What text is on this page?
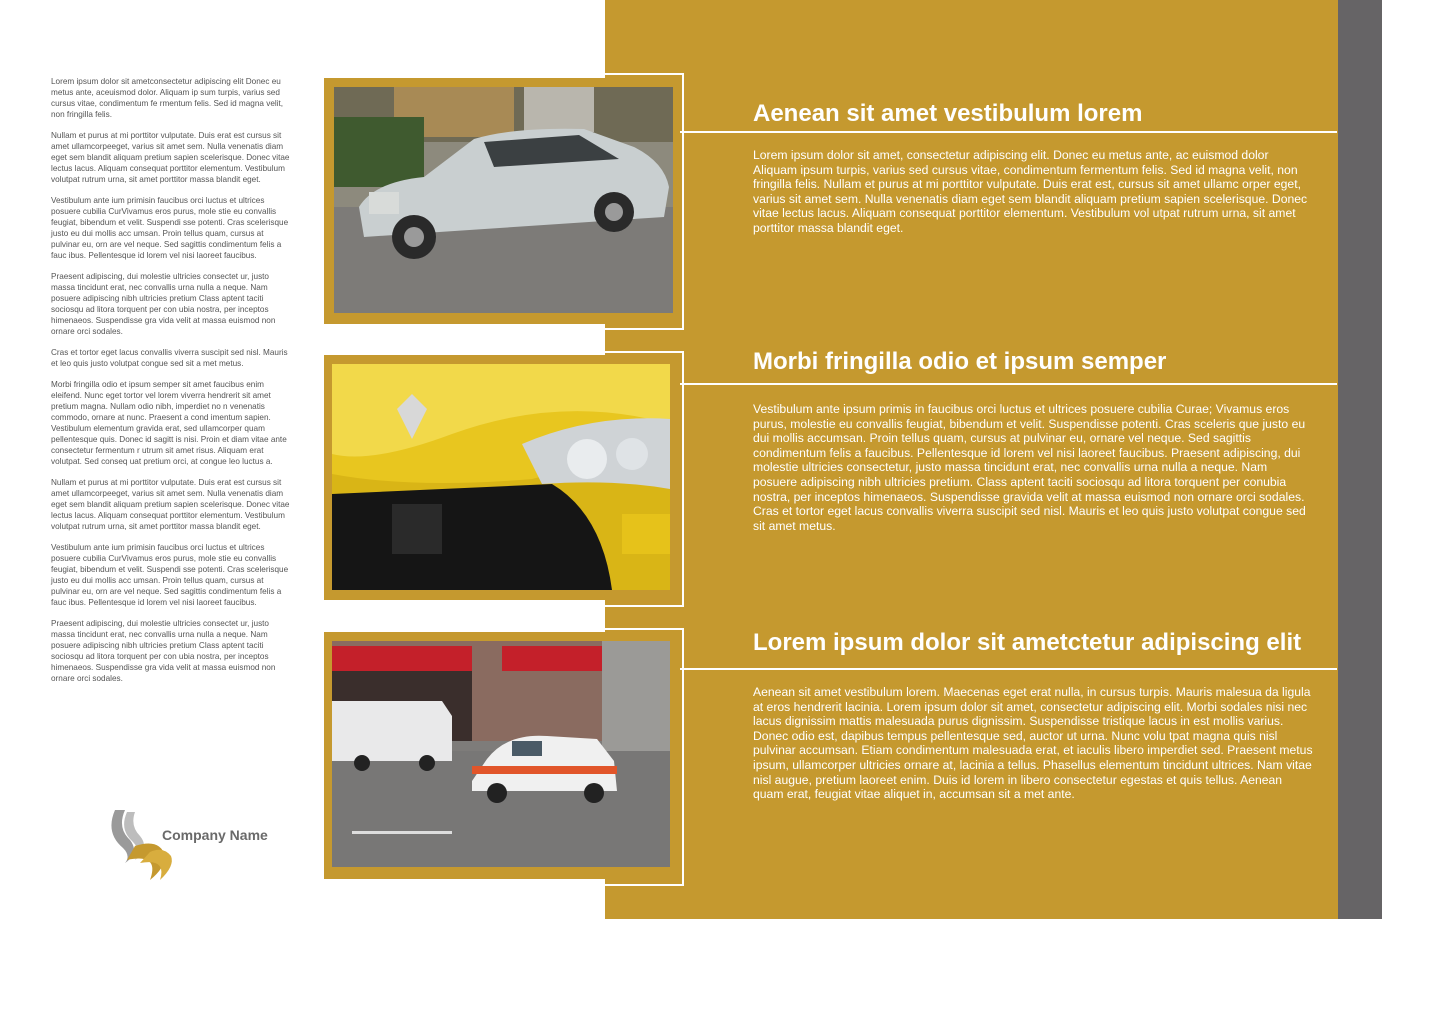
Lorem ipsum dolor sit ametconsectetur adipiscing elit Donec eu metus ante, aceuismod dolor. Aliquam ip sum turpis, varius sed cursus vitae, condimentum fe rmentum felis. Sed id magna velit, non fringilla felis.

Nullam et purus at mi porttitor vulputate. Duis erat est cursus sit amet ullamcorpeeget, varius sit amet sem. Nulla venenatis diam eget sem blandit aliquam pretium sapien scelerisque. Donec vitae lectus lacus. Aliquam consequat porttitor elementum. Vestibulum volutpat rutrum urna, sit amet porttitor massa blandit eget.

Vestibulum ante ium primisin faucibus orci luctus et ultrices posuere cubilia CurVivamus eros purus, mole stie eu convallis feugiat, bibendum et velit. Suspendi sse potenti. Cras scelerisque justo eu dui mollis acc umsan. Proin tellus quam, cursus at pulvinar eu, orn are vel neque. Sed sagittis condimentum felis a fauc ibus. Pellentesque id lorem vel nisi laoreet faucibus.

Praesent adipiscing, dui molestie ultricies consectet ur, justo massa tincidunt erat, nec convallis urna nulla a neque. Nam posuere adipiscing nibh ultricies pretium Class aptent taciti sociosqu ad litora torquent per con ubia nostra, per inceptos himenaeos. Suspendisse gra vida velit at massa euismod non ornare orci sodales.

Cras et tortor eget lacus convallis viverra suscipit sed nisl. Mauris et leo quis justo volutpat congue sed sit a met metus.

Morbi fringilla odio et ipsum semper sit amet faucibus enim eleifend. Nunc eget tortor vel lorem viverra hendrerit sit amet pretium magna. Nullam odio nibh, imperdiet no n venenatis commodo, ornare at nunc. Praesent a cond imentum sapien. Vestibulum elementum gravida erat, sed ullamcorper quam pellentesque quis. Donec id sagitt is nisi. Proin et diam vitae ante consectetur fermentum r utrum sit amet risus. Aliquam erat volutpat. Sed conseq uat pretium orci, at congue leo luctus a.

Nullam et purus at mi porttitor vulputate. Duis erat est cursus sit amet ullamcorpeeget, varius sit amet sem. Nulla venenatis diam eget sem blandit aliquam pretium sapien scelerisque. Donec vitae lectus lacus. Aliquam consequat porttitor elementum. Vestibulum volutpat rutrum urna, sit amet porttitor massa blandit eget.

Vestibulum ante ium primisin faucibus orci luctus et ultrices posuere cubilia CurVivamus eros purus, mole stie eu convallis feugiat, bibendum et velit. Suspendi sse potenti. Cras scelerisque justo eu dui mollis acc umsan. Proin tellus quam, cursus at pulvinar eu, orn are vel neque. Sed sagittis condimentum felis a fauc ibus. Pellentesque id lorem vel nisi laoreet faucibus.

Praesent adipiscing, dui molestie ultricies consectet ur, justo massa tincidunt erat, nec convallis urna nulla a neque. Nam posuere adipiscing nibh ultricies pretium Class aptent taciti sociosqu ad litora torquent per con ubia nostra, per inceptos himenaeos. Suspendisse gra vida velit at massa euismod non ornare orci sodales.

Aenean sit amet vestibulum lorem

Lorem ipsum dolor sit amet, consectetur adipiscing elit. Donec eu metus ante, ac euismod dolor Aliquam ipsum turpis, varius sed cursus vitae, condimentum fermentum felis. Sed id magna velit, non fringilla felis. Nullam et purus at mi porttitor vulputate. Duis erat est, cursus sit amet ullamc orper eget, varius sit amet sem. Nulla venenatis diam eget sem blandit aliquam pretium sapien scelerisque. Donec vitae lectus lacus. Aliquam consequat porttitor elementum. Vestibulum vol utpat rutrum urna, sit amet porttitor massa blandit eget.

Morbi fringilla odio et ipsum semper

Vestibulum ante ipsum primis in faucibus orci luctus et ultrices posuere cubilia Curae; Vivamus eros purus, molestie eu convallis feugiat, bibendum et velit. Suspendisse potenti. Cras sceleris que justo eu dui mollis accumsan. Proin tellus quam, cursus at pulvinar eu, ornare vel neque. Sed sagittis condimentum felis a faucibus. Pellentesque id lorem vel nisi laoreet faucibus. Praesent adipiscing, dui molestie ultricies consectetur, justo massa tincidunt erat, nec convallis urna nulla a neque. Nam posuere adipiscing nibh ultricies pretium. Class aptent taciti sociosqu ad litora torquent per conubia nostra, per inceptos himenaeos. Suspendisse gravida velit at massa euismod non ornare orci sodales. Cras et tortor eget lacus convallis viverra suscipit sed nisl. Mauris et leo quis justo volutpat congue sed sit amet metus.

Lorem ipsum dolor sit ametctetur adipiscing elit

Aenean sit amet vestibulum lorem. Maecenas eget erat nulla, in cursus turpis. Mauris malesua da ligula at eros hendrerit lacinia. Lorem ipsum dolor sit amet, consectetur adipiscing elit. Morbi sodales nisi nec lacus dignissim mattis malesuada purus dignissim. Suspendisse tristique lacus in est mollis varius. Donec odio est, dapibus tempus pellentesque sed, auctor ut urna. Nunc volu tpat magna quis nisl pulvinar accumsan. Etiam condimentum malesuada erat, et iaculis libero imperdiet sed. Praesent metus ipsum, ullamcorper ultricies ornare at, lacinia a tellus. Phasellus elementum tincidunt ultrices. Nam vitae nisl augue, pretium laoreet enim. Duis id lorem in libero consectetur egestas et quis tellus. Aenean quam erat, feugiat vitae aliquet in, accumsan sit a met ante.

Company Name
